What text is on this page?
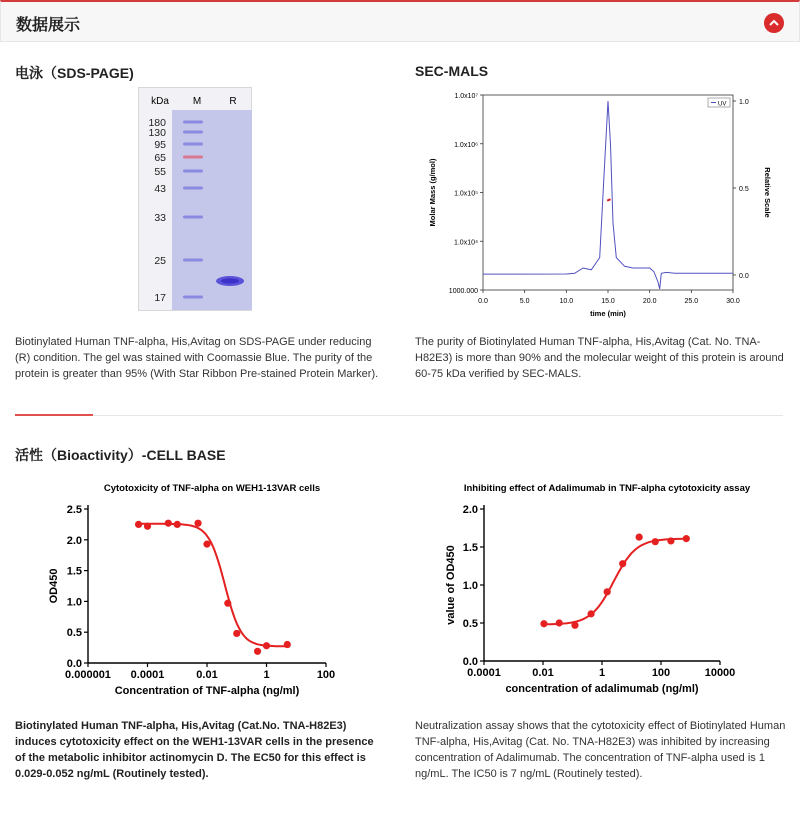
数据展示
电泳（SDS-PAGE)
kDa M	R
180
130
95
65
55
43
33
25
17
Biotinylated Human TNF-alpha, His,Avitag on SDS-PAGE under reducing (R) condition. The gel was stained with Coomassie Blue. The purity of the protein is greater than 95% (With Star Ribbon Pre-stained Protein Marker).
SEC-MALS
1000.000
1.0x10⁴
1.0x10⁵
1.0x10⁶
1.0x10⁷
0.0	5.0	10.0	15.0	20.0	25.0	30.0
0.0
0.5
1.0
time (min)
Molar Mass (g/mol)	Relative Scale
UV
The purity of Biotinylated Human TNF-alpha, His,Avitag (Cat. No. TNA-H82E3) is more than 90% and the molecular weight of this protein is around 60-75 kDa verified by SEC-MALS.
活性（Bioactivity）-CELL BASE
Cytotoxicity of TNF-alpha on WEH1-13VAR cells
0.0
0.5
1.0
1.5
2.0
2.5
0.000001 0.0001	0.01	1	100
Concentration of TNF-alpha (ng/ml)
OD450
Inhibiting effect of Adalimumab in TNF-alpha cytotoxicity assay
0.0
0.5
1.0
1.5
2.0
0.0001	0.01	1	100	10000
concentration of adalimumab (ng/ml)
value of OD450
Biotinylated Human TNF-alpha, His,Avitag (Cat.No. TNA-H82E3) induces cytotoxicity effect on the WEH1-13VAR cells in the presence of the metabolic inhibitor actinomycin D. The EC50 for this effect is 0.029-0.052 ng/mL (Routinely tested).
Neutralization assay shows that the cytotoxicity effect of Biotinylated Human TNF-alpha, His,Avitag (Cat. No. TNA-H82E3) was inhibited by increasing concentration of Adalimumab. The concentration of TNF-alpha used is 1 ng/mL. The IC50 is 7 ng/mL (Routinely tested).
